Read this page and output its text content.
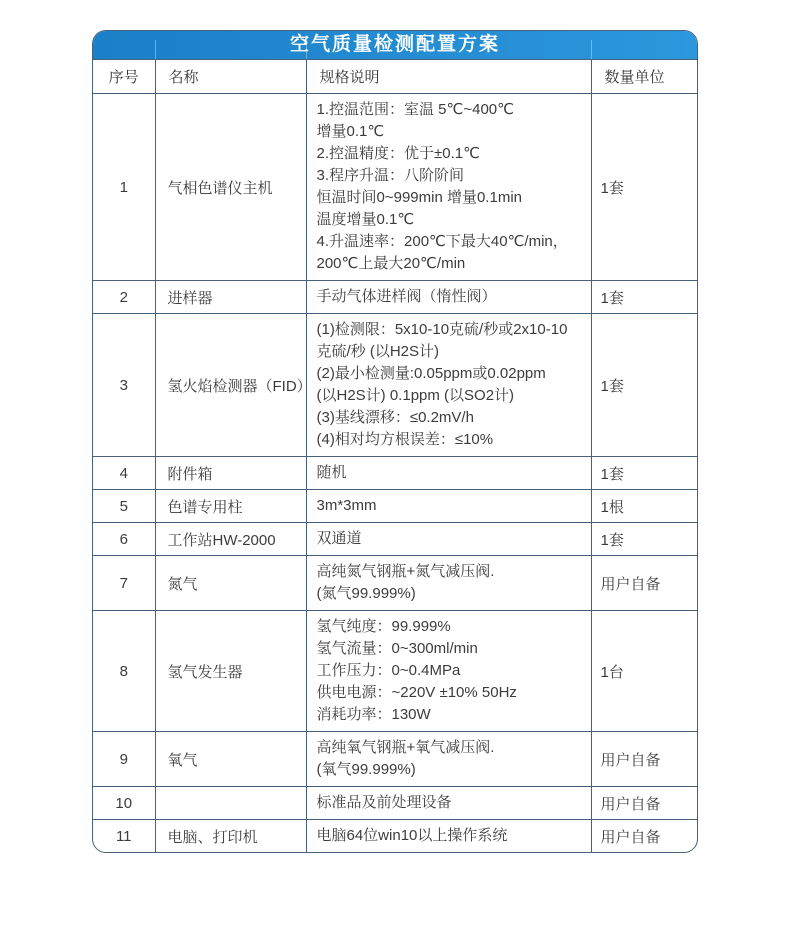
空气质量检测配置方案
序号	名称	规格说明	数量单位
1	气相色谱仪主机	1.控温范围：室温 5℃~400℃
增量0.1℃
2.控温精度：优于±0.1℃
3.程序升温：八阶阶间
恒温时间0~999min 增量0.1min
温度增量0.1℃
4.升温速率：200℃下最大40℃/min，
200℃上最大20℃/min	1套
2	进样器	手动气体进样阀（惰性阀）	1套
3	氢火焰检测器（FID）	(1)检测限：5x10-10克硫/秒或2x10-10
克硫/秒 (以H2S计)
(2)最小检测量:0.05ppm或0.02ppm
(以H2S计) 0.1ppm (以SO2计)
(3)基线漂移：≤0.2mV/h
(4)相对均方根误差：≤10%	1套
4	附件箱	随机	1套
5	色谱专用柱	3m*3mm	1根
6	工作站HW-2000	双通道	1套
7	氮气	高纯氮气钢瓶+氮气减压阀.
(氮气99.999%)	用户自备
8	氢气发生器	氢气纯度：99.999%
氢气流量：0~300ml/min
工作压力：0~0.4MPa
供电电源：~220V ±10% 50Hz
消耗功率：130W	1台
9	氧气	高纯氧气钢瓶+氧气减压阀.
(氧气99.999%)	用户自备
10		标准品及前处理设备	用户自备
11	电脑、打印机	电脑64位win10以上操作系统	用户自备
